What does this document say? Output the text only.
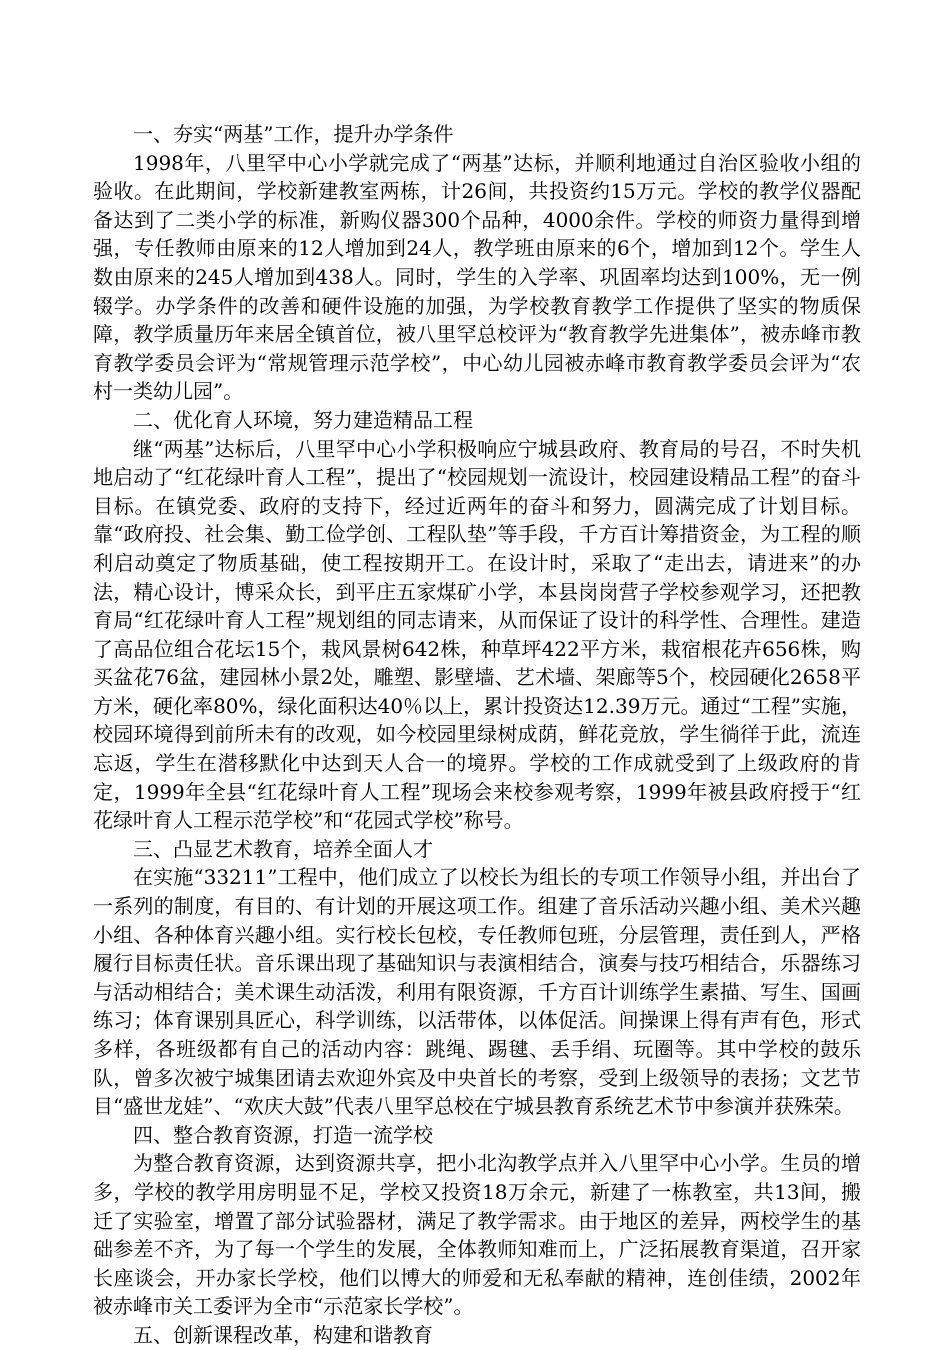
一、夯实“两基”工作，提升办学条件

1998年，八里罕中心小学就完成了“两基”达标，并顺利地通过自治区验收小组的验收。在此期间，学校新建教室两栋，计26间，共投资约15万元。学校的教学仪器配备达到了二类小学的标准，新购仪器300个品种，4000余件。学校的师资力量得到增强，专任教师由原来的12人增加到24人，教学班由原来的6个，增加到12个。学生人数由原来的245人增加到438人。同时，学生的入学率、巩固率均达到100%，无一例辍学。办学条件的改善和硬件设施的加强，为学校教育教学工作提供了坚实的物质保障，教学质量历年来居全镇首位，被八里罕总校评为“教育教学先进集体”，被赤峰市教育教学委员会评为“常规管理示范学校”，中心幼儿园被赤峰市教育教学委员会评为“农村一类幼儿园”。

二、优化育人环境，努力建造精品工程

继“两基”达标后，八里罕中心小学积极响应宁城县政府、教育局的号召，不时失机地启动了“红花绿叶育人工程”，提出了“校园规划一流设计，校园建设精品工程”的奋斗目标。在镇党委、政府的支持下，经过近两年的奋斗和努力，圆满完成了计划目标。靠“政府投、社会集、勤工俭学创、工程队垫”等手段，千方百计筹措资金，为工程的顺利启动奠定了物质基础，使工程按期开工。在设计时，采取了“走出去，请进来”的办法，精心设计，博采众长，到平庄五家煤矿小学，本县岗岗营子学校参观学习，还把教育局“红花绿叶育人工程”规划组的同志请来，从而保证了设计的科学性、合理性。建造了高品位组合花坛15个，栽风景树642株，种草坪422平方米，栽宿根花卉656株，购买盆花76盆，建园林小景2处，雕塑、影壁墙、艺术墙、架廊等5个，校园硬化2658平方米，硬化率80%，绿化面积达40％以上，累计投资达12.39万元。通过“工程”实施，校园环境得到前所未有的改观，如今校园里绿树成荫，鲜花竞放，学生徜徉于此，流连忘返，学生在潜移默化中达到天人合一的境界。学校的工作成就受到了上级政府的肯定，1999年全县“红花绿叶育人工程”现场会来校参观考察，1999年被县政府授于“红花绿叶育人工程示范学校”和“花园式学校”称号。

三、凸显艺术教育，培养全面人才

在实施“33211”工程中，他们成立了以校长为组长的专项工作领导小组，并出台了一系列的制度，有目的、有计划的开展这项工作。组建了音乐活动兴趣小组、美术兴趣小组、各种体育兴趣小组。实行校长包校，专任教师包班，分层管理，责任到人，严格履行目标责任状。音乐课出现了基础知识与表演相结合，演奏与技巧相结合，乐器练习与活动相结合；美术课生动活泼，利用有限资源，千方百计训练学生素描、写生、国画练习；体育课别具匠心，科学训练，以活带体，以体促活。间操课上得有声有色，形式多样，各班级都有自己的活动内容：跳绳、踢毽、丢手绢、玩圈等。其中学校的鼓乐队，曾多次被宁城集团请去欢迎外宾及中央首长的考察，受到上级领导的表扬；文艺节目“盛世龙娃”、“欢庆大鼓”代表八里罕总校在宁城县教育系统艺术节中参演并获殊荣。

四、整合教育资源，打造一流学校

为整合教育资源，达到资源共享，把小北沟教学点并入八里罕中心小学。生员的增多，学校的教学用房明显不足，学校又投资18万余元，新建了一栋教室，共13间，搬迁了实验室，增置了部分试验器材，满足了教学需求。由于地区的差异，两校学生的基础参差不齐，为了每一个学生的发展，全体教师知难而上，广泛拓展教育渠道，召开家长座谈会，开办家长学校，他们以博大的师爱和无私奉献的精神，连创佳绩，2002年被赤峰市关工委评为全市“示范家长学校”。

五、创新课程改革，构建和谐教育
